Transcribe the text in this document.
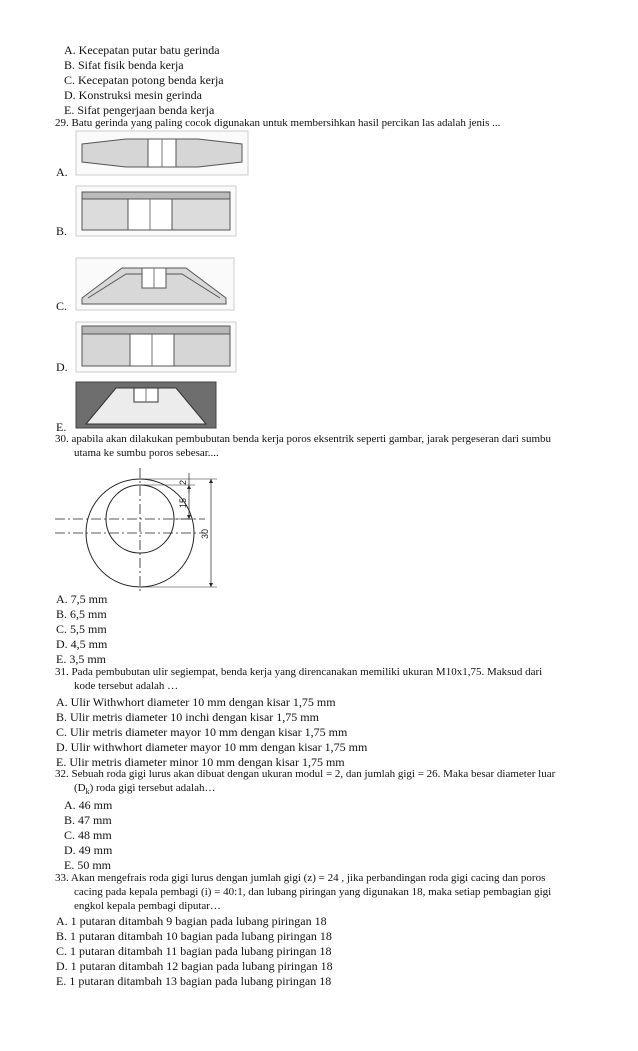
A. Kecepatan putar batu gerinda
B. Sifat fisik benda kerja
C. Kecepatan potong benda kerja
D. Konstruksi mesin gerinda
E. Sifat pengerjaan benda kerja
29. Batu gerinda yang paling cocok digunakan untuk membersihkan hasil percikan las adalah jenis ...
A.
B.
C.
D.
E.
30. apabila akan dilakukan pembubutan benda kerja poros eksentrik seperti gambar, jarak pergeseran dari sumbu
utama ke sumbu poros sebesar....
2
15
30
A. 7,5 mm
B. 6,5 mm
C. 5,5 mm
D. 4,5 mm
E. 3,5 mm
31. Pada pembubutan ulir segiempat, benda kerja yang direncanakan memiliki ukuran M10x1,75. Maksud dari
kode tersebut adalah …
A. Ulir Withwhort diameter 10 mm dengan kisar 1,75 mm
B. Ulir metris diameter 10 inchi dengan kisar 1,75 mm
C. Ulir metris diameter mayor 10 mm dengan kisar 1,75 mm
D. Ulir withwhort diameter mayor 10 mm dengan kisar 1,75 mm
E. Ulir metris diameter minor 10 mm dengan kisar 1,75 mm
32. Sebuah roda gigi lurus akan dibuat dengan ukuran modul = 2, dan jumlah gigi = 26. Maka besar diameter luar
$(D_k)$ roda gigi tersebut adalah…
A. 46 mm
B. 47 mm
C. 48 mm
D. 49 mm
E. 50 mm
33. Akan mengefrais roda gigi lurus dengan jumlah gigi (z) = 24 , jika perbandingan roda gigi cacing dan poros
cacing pada kepala pembagi (i) = 40:1, dan lubang piringan yang digunakan 18, maka setiap pembagian gigi
engkol kepala pembagi diputar…
A. 1 putaran ditambah 9 bagian pada lubang piringan 18
B. 1 putaran ditambah 10 bagian pada lubang piringan 18
C. 1 putaran ditambah 11 bagian pada lubang piringan 18
D. 1 putaran ditambah 12 bagian pada lubang piringan 18
E. 1 putaran ditambah 13 bagian pada lubang piringan 18
